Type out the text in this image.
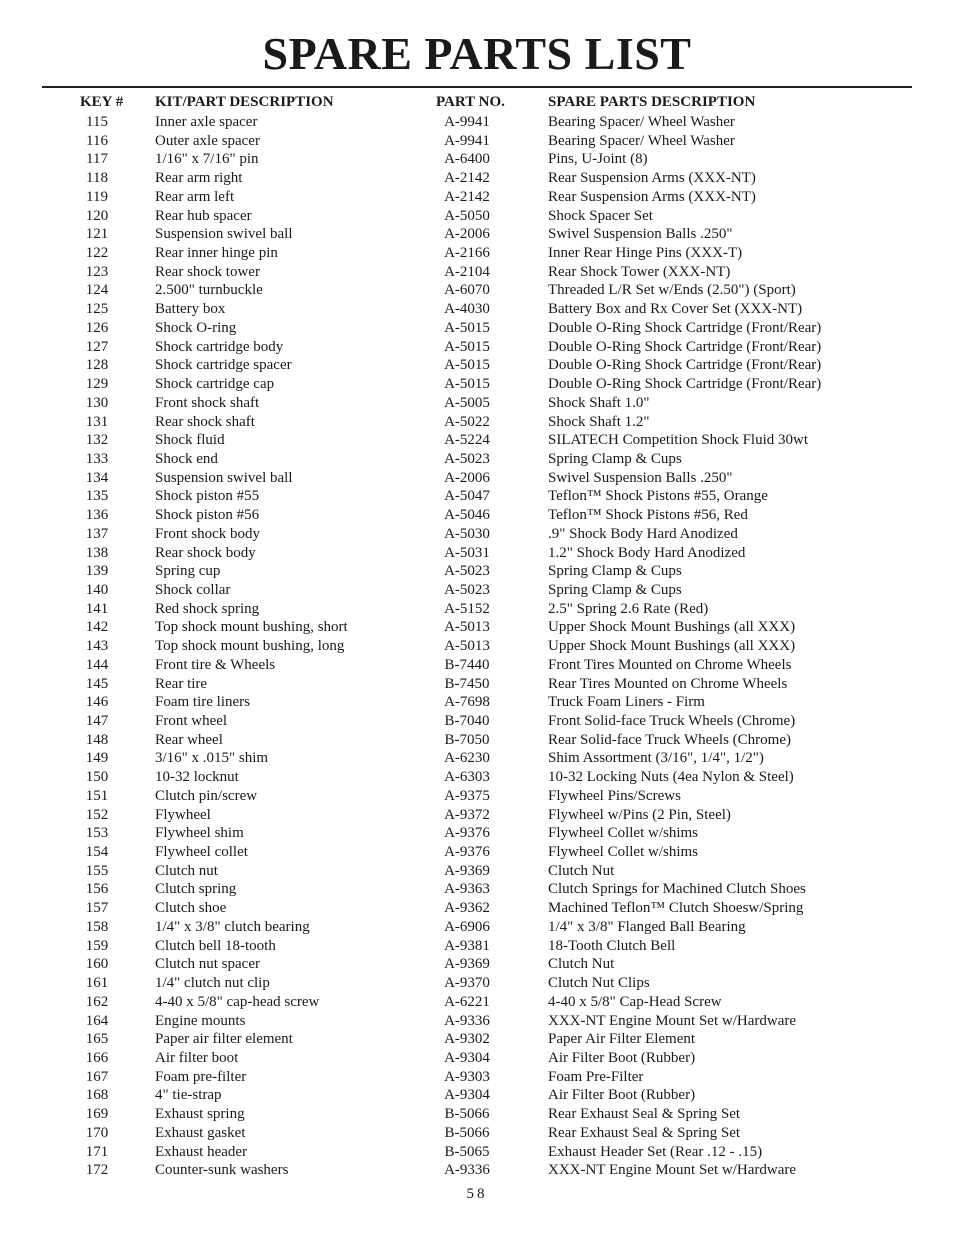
SPARE PARTS LIST
KEY # KIT/PART DESCRIPTION	PART NO.	SPARE PARTS DESCRIPTION
115	Inner axle spacer	A-9941	Bearing Spacer/ Wheel Washer
116	Outer axle spacer	A-9941	Bearing Spacer/ Wheel Washer
117	1/16" x 7/16" pin	A-6400	Pins, U-Joint (8)
118	Rear arm right	A-2142	Rear Suspension Arms (XXX-NT)
119	Rear arm left	A-2142	Rear Suspension Arms (XXX-NT)
120	Rear hub spacer	A-5050	Shock Spacer Set
121	Suspension swivel ball	A-2006	Swivel Suspension Balls .250"
122	Rear inner hinge pin	A-2166	Inner Rear Hinge Pins (XXX-T)
123	Rear shock tower	A-2104	Rear Shock Tower (XXX-NT)
124	2.500" turnbuckle	A-6070	Threaded L/R Set w/Ends (2.50") (Sport)
125	Battery box	A-4030	Battery Box and Rx Cover Set (XXX-NT)
126	Shock O-ring	A-5015	Double O-Ring Shock Cartridge (Front/Rear)
127	Shock cartridge body	A-5015	Double O-Ring Shock Cartridge (Front/Rear)
128	Shock cartridge spacer	A-5015	Double O-Ring Shock Cartridge (Front/Rear)
129	Shock cartridge cap	A-5015	Double O-Ring Shock Cartridge (Front/Rear)
130	Front shock shaft	A-5005	Shock Shaft 1.0"
131	Rear shock shaft	A-5022	Shock Shaft 1.2"
132	Shock fluid	A-5224	SILATECH Competition Shock Fluid 30wt
133	Shock end	A-5023	Spring Clamp & Cups
134	Suspension swivel ball	A-2006	Swivel Suspension Balls .250"
135	Shock piston #55	A-5047	Teflon™ Shock Pistons #55, Orange
136	Shock piston #56	A-5046	Teflon™ Shock Pistons #56, Red
137	Front shock body	A-5030	.9" Shock Body Hard Anodized
138	Rear shock body	A-5031	1.2" Shock Body Hard Anodized
139	Spring cup	A-5023	Spring Clamp & Cups
140	Shock collar	A-5023	Spring Clamp & Cups
141	Red shock spring	A-5152	2.5" Spring 2.6 Rate (Red)
142	Top shock mount bushing, short	A-5013	Upper Shock Mount Bushings (all XXX)
143	Top shock mount bushing, long	A-5013	Upper Shock Mount Bushings (all XXX)
144	Front tire & Wheels	B-7440	Front Tires Mounted on Chrome Wheels
145	Rear tire	B-7450	Rear Tires Mounted on Chrome Wheels
146	Foam tire liners	A-7698	Truck Foam Liners - Firm
147	Front wheel	B-7040	Front Solid-face Truck Wheels (Chrome)
148	Rear wheel	B-7050	Rear Solid-face Truck Wheels (Chrome)
149	3/16" x .015" shim	A-6230	Shim Assortment (3/16", 1/4", 1/2")
150	10-32 locknut	A-6303	10-32 Locking Nuts (4ea Nylon & Steel)
151	Clutch pin/screw	A-9375	Flywheel Pins/Screws
152	Flywheel	A-9372	Flywheel w/Pins (2 Pin, Steel)
153	Flywheel shim	A-9376	Flywheel Collet w/shims
154	Flywheel collet	A-9376	Flywheel Collet w/shims
155	Clutch nut	A-9369	Clutch Nut
156	Clutch spring	A-9363	Clutch Springs for Machined Clutch Shoes
157	Clutch shoe	A-9362	Machined Teflon™ Clutch Shoesw/Spring
158	1/4" x 3/8" clutch bearing	A-6906	1/4" x 3/8" Flanged Ball Bearing
159	Clutch bell 18-tooth	A-9381	18-Tooth Clutch Bell
160	Clutch nut spacer	A-9369	Clutch Nut
161	1/4" clutch nut clip	A-9370	Clutch Nut Clips
162	4-40 x 5/8" cap-head screw	A-6221	4-40 x 5/8" Cap-Head Screw
164	Engine mounts	A-9336	XXX-NT Engine Mount Set w/Hardware
165	Paper air filter element	A-9302	Paper Air Filter Element
166	Air filter boot	A-9304	Air Filter Boot (Rubber)
167	Foam pre-filter	A-9303	Foam Pre-Filter
168	4" tie-strap	A-9304	Air Filter Boot (Rubber)
169	Exhaust spring	B-5066	Rear Exhaust Seal & Spring Set
170	Exhaust gasket	B-5066	Rear Exhaust Seal & Spring Set
171	Exhaust header	B-5065	Exhaust Header Set (Rear .12 - .15)
172	Counter-sunk washers	A-9336	XXX-NT Engine Mount Set w/Hardware
58
